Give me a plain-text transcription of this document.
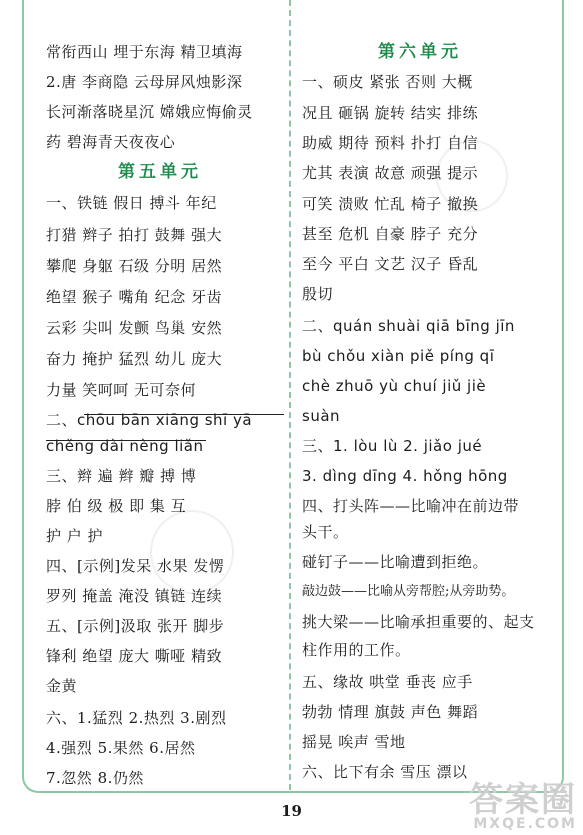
常衔西山 埋于东海 精卫填海
2.唐 李商隐 云母屏风烛影深
长河渐落晓星沉 嫦娥应悔偷灵
药 碧海青天夜夜心
第五单元
一、铁链 假日 搏斗 年纪
打猎 辫子 拍打 鼓舞 强大
攀爬 身躯 石级 分明 居然
绝望 猴子 嘴角 纪念 牙齿
云彩 尖叫 发颤 鸟巢 安然
奋力 掩护 猛烈 幼儿 庞大
力量 笑呵呵 无可奈何
二、chōu bān xiāng shī yā
chěng dài nèng liǎn
三、辫 遍 辫 瓣 搏 博
脖 伯 级 极 即 集 互
护 户 护
四、[示例]发呆 水果 发愣
罗列 掩盖 淹没 镇链 连续
五、[示例]汲取 张开 脚步
锋利 绝望 庞大 嘶哑 精致
金黄
六、1.猛烈 2.热烈 3.剧烈
4.强烈 5.果然 6.居然
7.忽然 8.仍然
第六单元
一、硕皮 紧张 否则 大概
况且 砸锅 旋转 结实 排练
助威 期待 预料 扑打 自信
尤其 表演 故意 顽强 提示
可笑 溃败 忙乱 椅子 撤换
甚至 危机 自豪 脖子 充分
至今 平白 文艺 汉子 昏乱
殷切
二、quán shuài qiā bīng jīn
bù chǒu xiàn piě píng qī
chè zhuō yù chuí jiǔ jiè
suàn
三、1. lòu lù 2. jiǎo jué
3. dìng dīng 4. hǒng hōng
四、打头阵——比喻冲在前边带
头干。
碰钉子——比喻遭到拒绝。
敲边鼓——比喻从旁帮腔;从旁助势。
挑大梁——比喻承担重要的、起支
柱作用的工作。
五、缘故 哄堂 垂丧 应手
勃勃 情理 旗鼓 声色 舞蹈
摇晃 唉声 雪地
六、比下有余 雪压 漂以
19	答案圈
MXQE.COM
